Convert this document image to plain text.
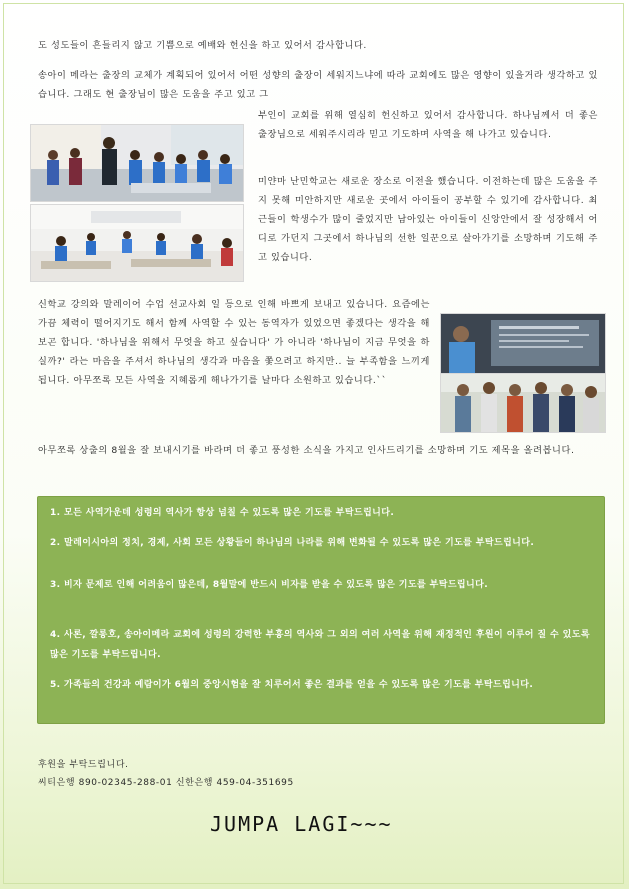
도 성도들이 흔들리지 않고 기쁨으로 예배와 헌신을 하고 있어서 감사합니다.

송아이 메라는 출장의 교체가 계획되어 있어서 어떤 성향의 출장이 세워지느냐에 따라 교회에도 많은 영향이 있을거라 생각하고 있습니다. 그래도 현 출장님이 많은 도움을 주고 있고 그

부인이 교회를 위해 열심히 헌신하고 있어서 감사합니다. 하나님께서 더 좋은 출장님으로 세워주시리라 믿고 기도하며 사역을 해 나가고 있습니다.

미얀마 난민학교는 새로운 장소로 이전을 했습니다. 이전하는데 많은 도움을 주지 못해 미안하지만 새로운 곳에서 아이들이 공부할 수 있기에 감사합니다. 최근들이 학생수가 많이 줄었지만 남아있는 아이들이 신앙안에서 잘 성장해서 어디로 가던지 그곳에서 하나님의 선한 일꾼으로 살아가기를 소망하며 기도해 주고 있습니다.

신학교 강의와 말레이어 수업 선교사회 일 등으로 인해 바쁘게 보내고 있습니다. 요즘에는 가끔 체력이 떨어지기도 해서 함께 사역할 수 있는 동역자가 있었으면 좋겠다는 생각을 해보곤 합니다. '하나님을 위해서 무엇을 하고 싶습니다' 가 아니라 '하나님이 지금 무엇을 하실까?' 라는 마음을 주셔서 하나님의 생각과 마음을 쫓으려고 하지만.. 늘 부족함을 느끼게 됩니다. 아무쪼록 모든 사역을 지혜롭게 해나가기를 날마다 소원하고 있습니다.``

아무쪼록 상출의 8월을 잘 보내시기를 바라며 더 좋고 풍성한 소식을 가지고 인사드리기를 소망하며 기도 제목을 올려봅니다.

1. 모든 사역가운데 성령의 역사가 항상 넘칠 수 있도록 많은 기도를 부탁드립니다.

2. 말레이시아의 정치, 경제, 사회 모든 상황들이 하나님의 나라를 위해 변화될 수 있도록 많은 기도를 부탁드립니다.

3. 비자 문제로 인해 어려움이 많은데, 8월말에 반드시 비자를 받을 수 있도록 많은 기도를 부탁드립니다.

4. 사론, 깔롱호, 송아이메라 교회에 성령의 강력한 부흥의 역사와 그 외의 여러 사역을 위해 재정적인 후원이 이루어 질 수 있도록 많은 기도를 부탁드립니다.

5. 가족들의 건강과 예람이가 6월의 중앙시험을 잘 치루어서 좋은 결과를 얻을 수 있도록 많은 기도를 부탁드립니다.

후원을 부탁드립니다.
씨티은행 890-02345-288-01 신한은행 459-04-351695
JUMPA LAGI~~~
